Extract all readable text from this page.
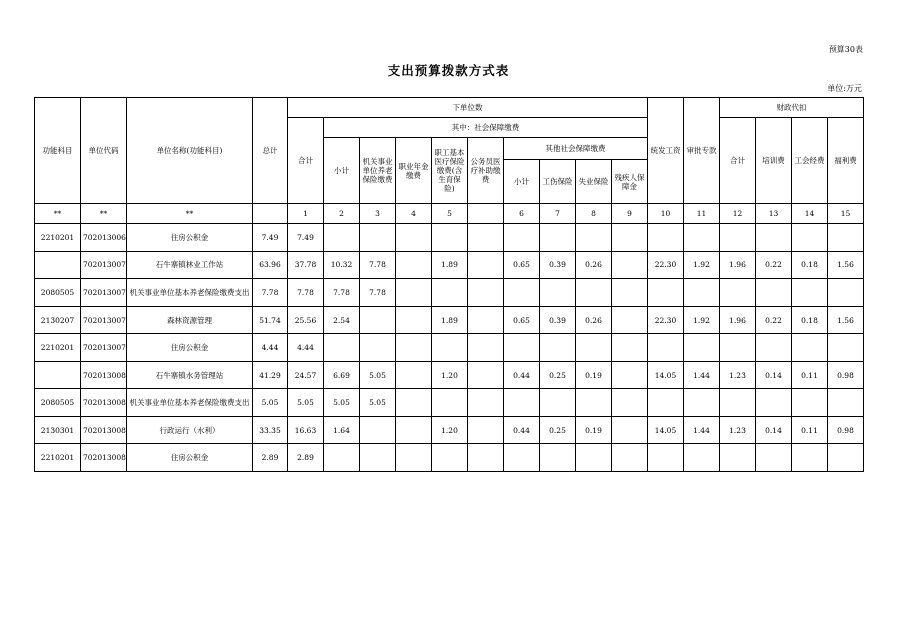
预算30表
支出预算拨款方式表
单位:万元
功能科目	单位代码	单位名称(功能科目)	总计	下单位数										统发工资	审批专款	财政代扣			
				合计	其中：社会保障缴费											合计	培训费	工会经费	福利费
					小计	机关事业单位养老保险缴费	职业年金缴费	职工基本医疗保险缴费(含生育保险)	公务员医疗补助缴费	其他社会保障缴费									
										小计	工伤保险	失业保险	残疾人保障金						
**	**	**		1	2	3	4	5		6	7	8	9	10	11	12	13	14	15
2210201	702013006	住房公积金	7.49	7.49															
	702013007	石牛寨镇林业工作站	63.96	37.78	10.32	7.78		1.89		0.65	0.39	0.26		22.30	1.92	1.96	0.22	0.18	1.56
2080505	702013007	机关事业单位基本养老保险缴费支出	7.78	7.78	7.78	7.78													
2130207	702013007	森林资源管理	51.74	25.56	2.54			1.89		0.65	0.39	0.26		22.30	1.92	1.96	0.22	0.18	1.56
2210201	702013007	住房公积金	4.44	4.44															
	702013008	石牛寨镇水务管理站	41.29	24.57	6.69	5.05		1.20		0.44	0.25	0.19		14.05	1.44	1.23	0.14	0.11	0.98
2080505	702013008	机关事业单位基本养老保险缴费支出	5.05	5.05	5.05	5.05													
2130301	702013008	行政运行（水利）	33.35	16.63	1.64			1.20		0.44	0.25	0.19		14.05	1.44	1.23	0.14	0.11	0.98
2210201	702013008	住房公积金	2.89	2.89															
